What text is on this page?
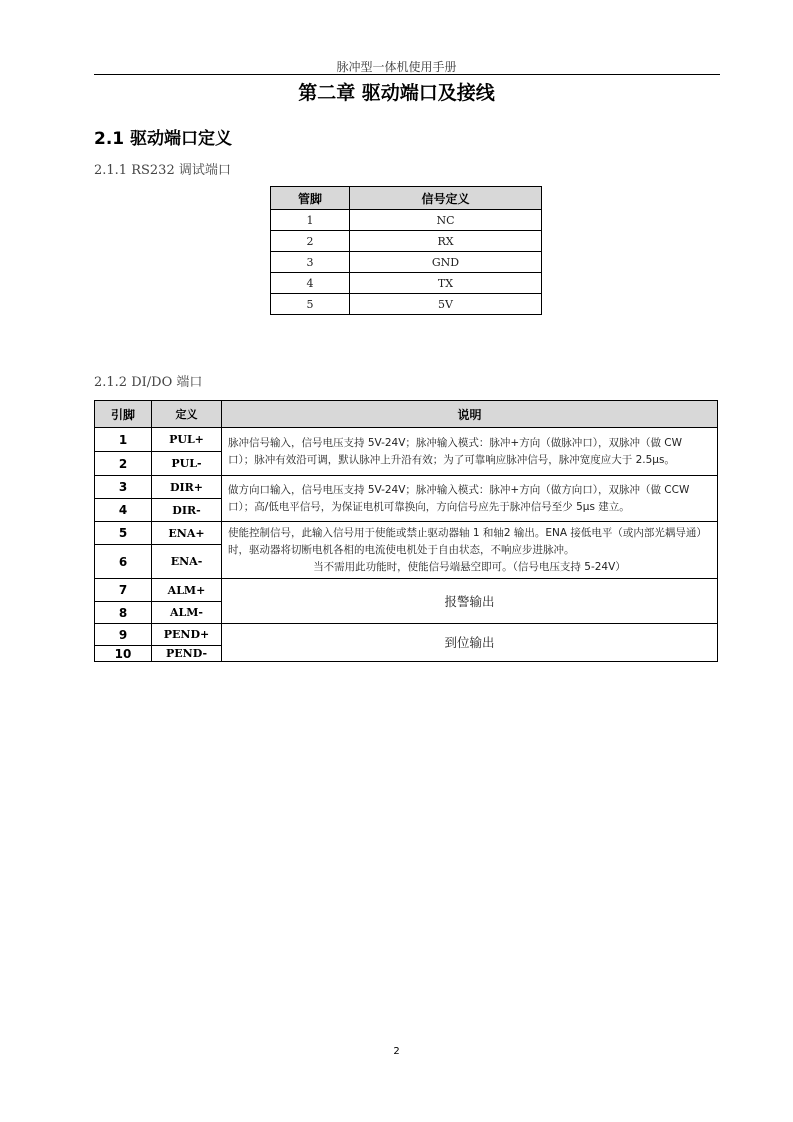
脉冲型一体机使用手册
第二章 驱动端口及接线
2.1 驱动端口定义
2.1.1 RS232 调试端口
管脚	信号定义
1	NC
2	RX
3	GND
4	TX
5	5V
2.1.2 DI/DO 端口
引脚	定义	说明
1	PUL+	脉冲信号输入，信号电压支持 5V-24V；脉冲输入模式：脉冲+方向（做脉冲口），双脉冲（做 CW 口）；脉冲有效沿可调，默认脉冲上升沿有效；为了可靠响应脉冲信号，脉冲宽度应大于 2.5μs。
2	PUL-	
3	DIR+	做方向口输入，信号电压支持 5V-24V；脉冲输入模式：脉冲+方向（做方向口），双脉冲（做 CCW 口）；高/低电平信号，为保证电机可靠换向，方向信号应先于脉冲信号至少 5μs 建立。
4	DIR-	
5	ENA+	使能控制信号，此输入信号用于使能或禁止驱动器轴 1 和轴2 输出。ENA 接低电平（或内部光耦导通）时，驱动器将切断电机各相的电流使电机处于自由状态，不响应步进脉冲。
当不需用此功能时，使能信号端悬空即可。（信号电压支持 5-24V）

6	ENA-	
7	ALM+	报警输出
8	ALM-	
9	PEND+	到位输出
10	PEND-	
2
